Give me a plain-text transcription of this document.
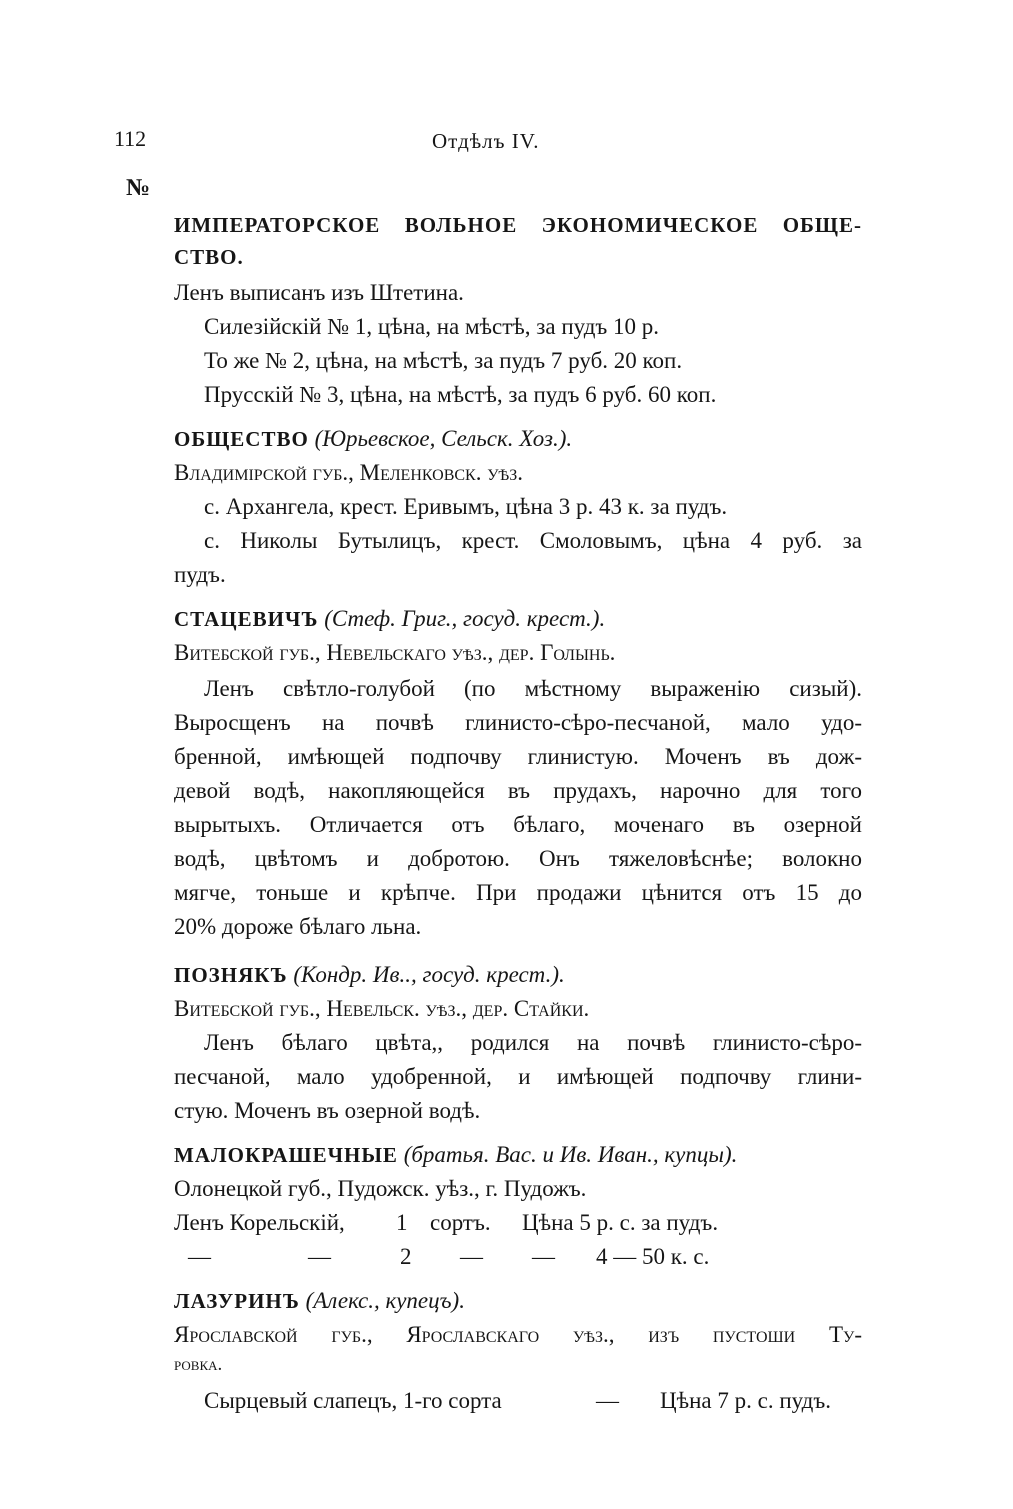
112	Отдѣлъ IV.
№
ИМПЕРАТОРСКОЕ ВОЛЬНОЕ ЭКОНОМИЧЕСКОЕ ОБЩЕ-
СТВО.
Ленъ выписанъ изъ Штетина.
Силезiйскiй № 1, цѣна, на мѣстѣ, за пудъ 10 р.
То же № 2, цѣна, на мѣстѣ, за пудъ 7 руб. 20 коп.
Прусскiй № 3, цѣна, на мѣстѣ, за пудъ 6 руб. 60 коп.
ОБЩЕСТВО (Юрьевское, Сельск. Хоз.).
Владимiрской губ., Меленковск. уѣз.
с. Архангела, крест. Еривымъ, цѣна 3 р. 43 к. за пудъ.
с. Николы Бутылицъ, крест. Смоловымъ, цѣна 4 руб. за
пудъ.
СТАЦЕВИЧЪ (Стеф. Григ., госуд. крест.).
Витебской губ., Невельскаго уѣз., дер. Голынь.
Ленъ свѣтло-голубой (по мѣстному выраженiю сизый).
Выросщенъ на почвѣ глинисто-сѣро-песчаной, мало удо-
бренной, имѣющей подпочву глинистую. Моченъ въ дож-
девой водѣ, накопляющейся въ прудахъ, нарочно для того
вырытыхъ. Отличается отъ бѣлаго, моченаго въ озерной
водѣ, цвѣтомъ и добротою. Онъ тяжеловѣснѣе; волокно
мягче, тоньше и крѣпче. При продажи цѣнится отъ 15 до
20% дороже бѣлаго льна.
ПОЗНЯКЪ (Кондр. Ив.., госуд. крест.).
Витебской губ., Невельск. уѣз., дер. Стайки.
Ленъ бѣлаго цвѣта,, родился на почвѣ глинисто-сѣро-
песчаной, мало удобренной, и имѣющей подпочву глини-
стую. Моченъ въ озерной водѣ.
МАЛОКРАШЕЧНЫЕ (братья. Вас. и Ив. Иван., купцы).
Олонецкой губ., Пудожск. уѣз., г. Пудожъ.
Ленъ Корельскiй, 1 сортъ. Цѣна 5 р. с. за пудъ.
—	—	2 — — 4 — 50 к. с.
ЛАЗУРИНЪ (Алекс., купецъ).
Ярославской губ., Ярославскаго уѣз., изъ пустоши Ту-
ровка.
Сырцевый слапецъ, 1-го сорта	— Цѣна 7 р. с. пудъ.
